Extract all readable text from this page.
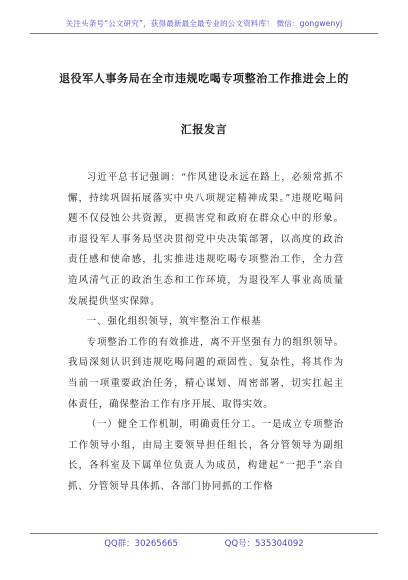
关注头条号“公文研究”，获得最新最全最专业的公文资料库！ 微信：gongwenyj
退役军人事务局在全市违规吃喝专项整治工作推进会上的
汇报发言

习近平总书记强调：“作风建设永远在路上，必须常抓不懈，持续巩固拓展落实中央八项规定精神成果。”违规吃喝问题不仅侵蚀公共资源，更损害党和政府在群众心中的形象。市退役军人事务局坚决贯彻党中央决策部署，以高度的政治责任感和使命感，扎实推进违规吃喝专项整治工作，全力营造风清气正的政治生态和工作环境，为退役军人事业高质量发展提供坚实保障。

一、强化组织领导，筑牢整治工作根基

专项整治工作的有效推进，离不开坚强有力的组织领导。我局深刻认识到违规吃喝问题的顽固性、复杂性，将其作为当前一项重要政治任务，精心谋划、周密部署，切实扛起主体责任，确保整治工作有序开展、取得实效。

（一）健全工作机制，明确责任分工。一是成立专项整治工作领导小组，由局主要领导担任组长，各分管领导为副组长，各科室及下属单位负责人为成员，构建起“一把手”亲自抓、分管领导具体抓、各部门协同抓的工作格

QQ群：30265665	QQ号：535304092
